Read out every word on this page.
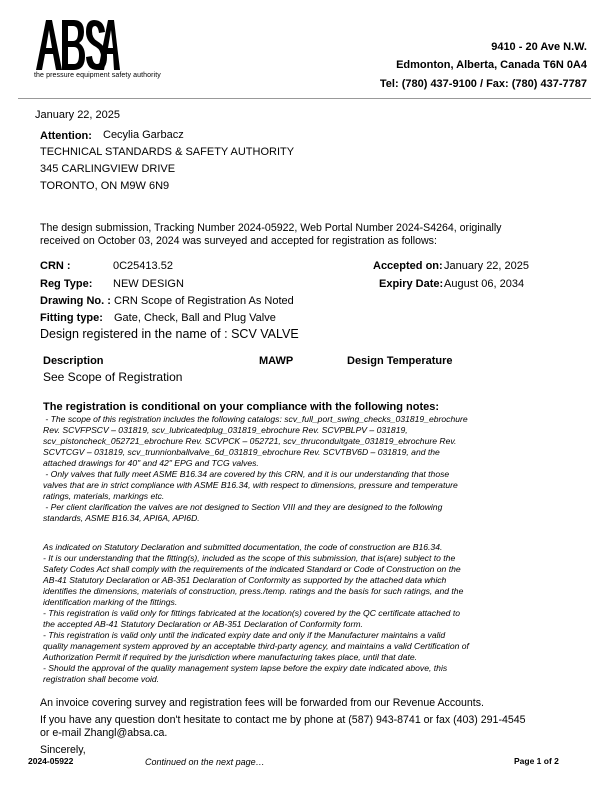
the pressure equipment safety authority
9410 - 20 Ave N.W.
Edmonton, Alberta, Canada T6N 0A4
Tel: (780) 437-9100 / Fax: (780) 437-7787
January 22, 2025
Attention: Cecylia Garbacz
TECHNICAL STANDARDS & SAFETY AUTHORITY
345 CARLINGVIEW DRIVE
TORONTO, ON M9W 6N9
The design submission, Tracking Number 2024-05922, Web Portal Number 2024-S4264, originally
received on October 03, 2024 was surveyed and accepted for registration as follows:
CRN :	0C25413.52	Accepted on: January 22, 2025
Reg Type: NEW DESIGN	Expiry Date: August 06, 2034
Drawing No. : CRN Scope of Registration As Noted
Fitting type: Gate, Check, Ball and Plug Valve
Design registered in the name of : SCV VALVE
Description	MAWP	Design Temperature
See Scope of Registration
The registration is conditional on your compliance with the following notes:
- The scope of this registration includes the following catalogs: scv_full_port_swing_checks_031819_ebrochure
Rev. SCVFPSCV – 031819, scv_lubricatedplug_031819_ebrochure Rev. SCVPBLPV – 031819,
scv_pistoncheck_052721_ebrochure Rev. SCVPCK – 052721, scv_thruconduitgate_031819_ebrochure Rev.
SCVTCGV – 031819, scv_trunnionballvalve_6d_031819_ebrochure Rev. SCVTBV6D – 031819, and the
attached drawings for 40" and 42" EPG and TCG valves.
- Only valves that fully meet ASME B16.34 are covered by this CRN, and it is our understanding that those
valves that are in strict compliance with ASME B16.34, with respect to dimensions, pressure and temperature
ratings, materials, markings etc.
- Per client clarification the valves are not designed to Section VIII and they are designed to the following
standards, ASME B16.34, API6A, API6D.
As indicated on Statutory Declaration and submitted documentation, the code of construction are B16.34.
- It is our understanding that the fitting(s), included as the scope of this submission, that is(are) subject to the
Safety Codes Act shall comply with the requirements of the indicated Standard or Code of Construction on the
AB-41 Statutory Declaration or AB-351 Declaration of Conformity as supported by the attached data which
identifies the dimensions, materials of construction, press./temp. ratings and the basis for such ratings, and the
identification marking of the fittings.
- This registration is valid only for fittings fabricated at the location(s) covered by the QC certificate attached to
the accepted AB-41 Statutory Declaration or AB-351 Declaration of Conformity form.
- This registration is valid only until the indicated expiry date and only if the Manufacturer maintains a valid
quality management system approved by an acceptable third-party agency, and maintains a valid Certification of
Authorization Permit if required by the jurisdiction where manufacturing takes place, until that date.
- Should the approval of the quality management system lapse before the expiry date indicated above, this
registration shall become void.
An invoice covering survey and registration fees will be forwarded from our Revenue Accounts.
If you have any question don't hesitate to contact me by phone at (587) 943-8741 or fax (403) 291-4545
or e-mail Zhangl@absa.ca.
Sincerely,
2024-05922	Continued on the next page…	Page 1 of 2
